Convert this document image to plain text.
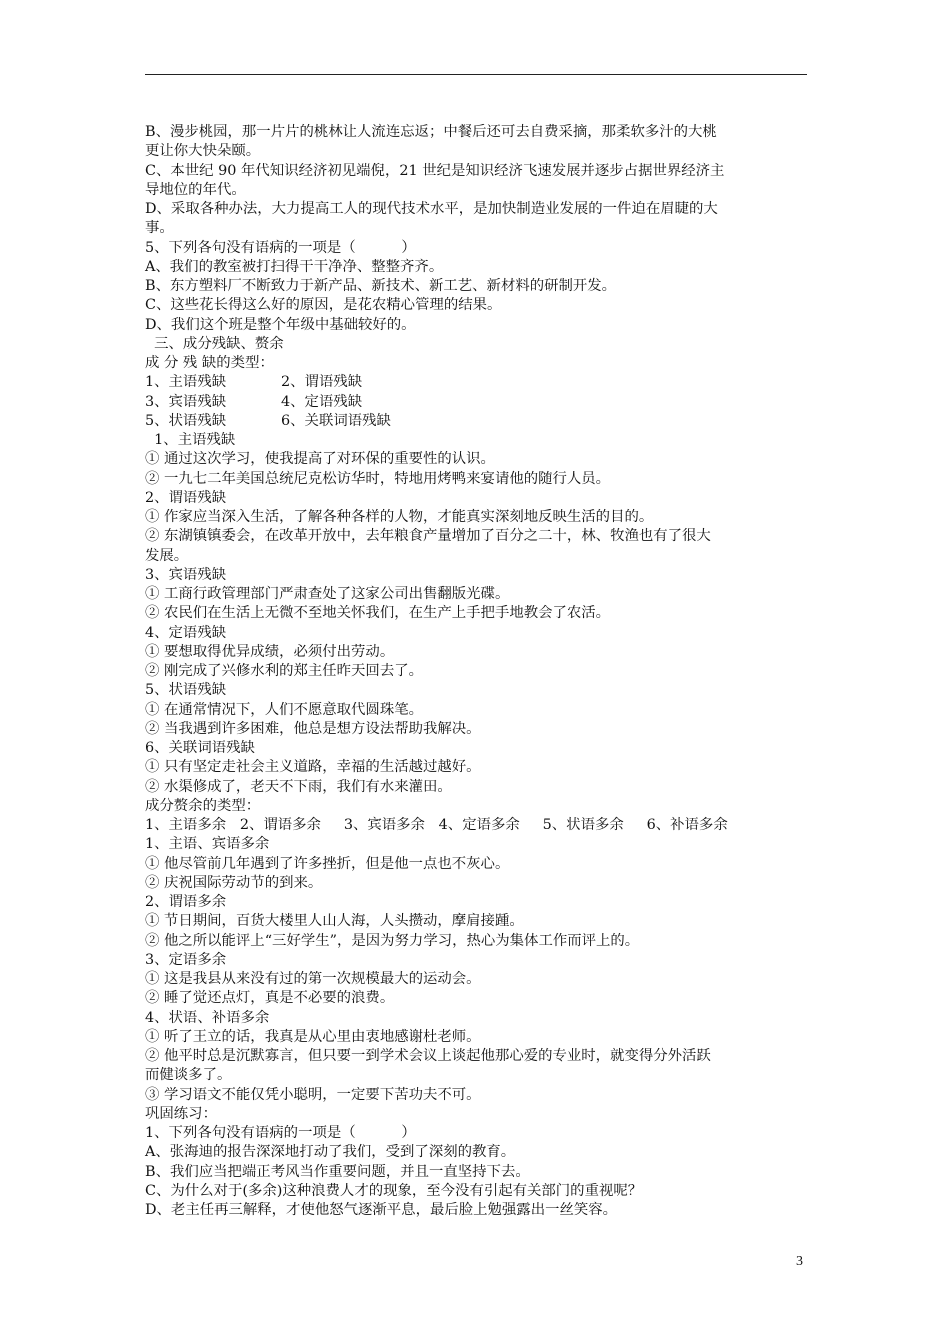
B、漫步桃园，那一片片的桃林让人流连忘返；中餐后还可去自费采摘，那柔软多汁的大桃
更让你大快朵颐。
C、本世纪 90 年代知识经济初见端倪，21 世纪是知识经济飞速发展并逐步占据世界经济主
导地位的年代。
D、采取各种办法，大力提高工人的现代技术水平，是加快制造业发展的一件迫在眉睫的大
事。
5、下列各句没有语病的一项是（          ）
A、我们的教室被打扫得干干净净、整整齐齐。
B、东方塑料厂不断致力于新产品、新技术、新工艺、新材料的研制开发。
C、这些花长得这么好的原因，是花农精心管理的结果。
D、我们这个班是整个年级中基础较好的。
三、成分残缺、赘余
成 分 残 缺的类型：
1、主语残缺            2、谓语残缺
3、宾语残缺            4、定语残缺
5、状语残缺            6、关联词语残缺
1、主语残缺
① 通过这次学习，使我提高了对环保的重要性的认识。
② 一九七二年美国总统尼克松访华时，特地用烤鸭来宴请他的随行人员。
2、谓语残缺
① 作家应当深入生活，了解各种各样的人物，才能真实深刻地反映生活的目的。
② 东湖镇镇委会，在改革开放中，去年粮食产量增加了百分之二十，林、牧渔也有了很大
发展。
3、宾语残缺
① 工商行政管理部门严肃查处了这家公司出售翻版光碟。
② 农民们在生活上无微不至地关怀我们，在生产上手把手地教会了农活。
4、定语残缺
① 要想取得优异成绩，必须付出劳动。
② 刚完成了兴修水利的郑主任昨天回去了。
5、状语残缺
① 在通常情况下，人们不愿意取代圆珠笔。
② 当我遇到许多困难，他总是想方设法帮助我解决。
6、关联词语残缺
① 只有坚定走社会主义道路，幸福的生活越过越好。
② 水渠修成了，老天不下雨，我们有水来灌田。
成分赘余的类型：
1、主语多余   2、谓语多余     3、宾语多余   4、定语多余     5、状语多余     6、补语多余
1、主语、宾语多余
① 他尽管前几年遇到了许多挫折，但是他一点也不灰心。
② 庆祝国际劳动节的到来。
2、谓语多余
① 节日期间，百货大楼里人山人海，人头攒动，摩肩接踵。
② 他之所以能评上“三好学生”，是因为努力学习，热心为集体工作而评上的。
3、定语多余
① 这是我县从来没有过的第一次规模最大的运动会。
② 睡了觉还点灯，真是不必要的浪费。
4、状语、补语多余
① 听了王立的话，我真是从心里由衷地感谢杜老师。
② 他平时总是沉默寡言，但只要一到学术会议上谈起他那心爱的专业时，就变得分外活跃
而健谈多了。
③ 学习语文不能仅凭小聪明，一定要下苦功夫不可。
巩固练习：
1、下列各句没有语病的一项是（          ）
A、张海迪的报告深深地打动了我们，受到了深刻的教育。
B、我们应当把端正考风当作重要问题，并且一直坚持下去。
C、为什么对于(多余)这种浪费人才的现象，至今没有引起有关部门的重视呢？
D、老主任再三解释，才使他怒气逐渐平息，最后脸上勉强露出一丝笑容。
3
